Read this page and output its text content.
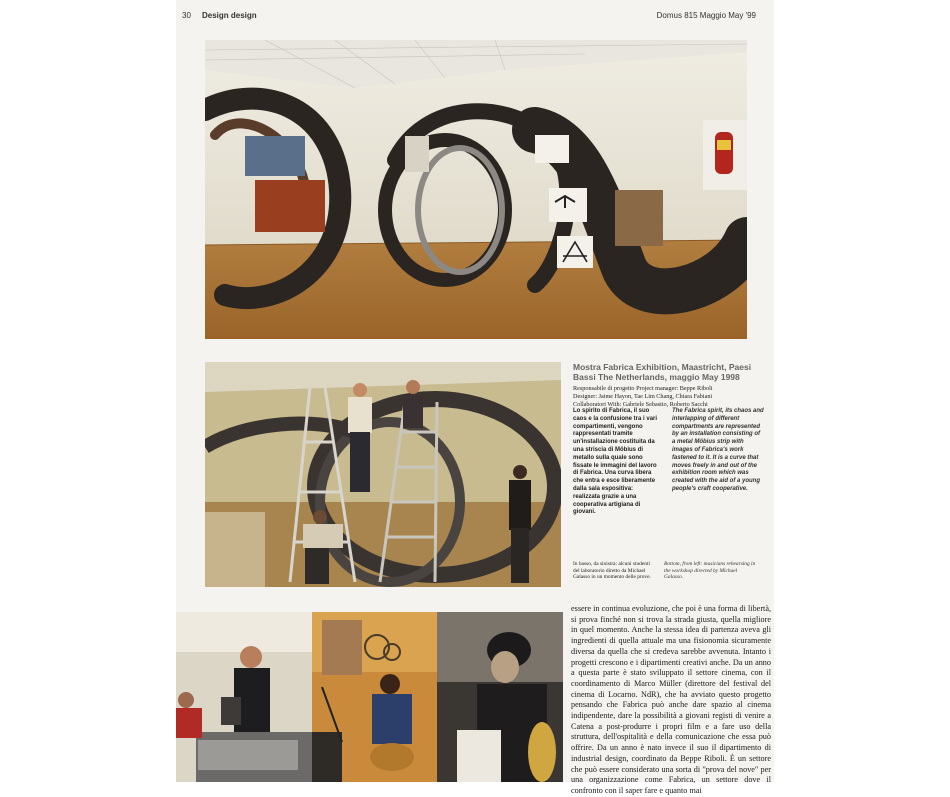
30 Design design	Domus 815 Maggio May '99
Mostra Fabrica Exhibition, Maastricht, Paesi Bassi The Netherlands, maggio May 1998
Responsabile di progetto Project manager: Beppe Riboli
Designer: Jaime Hayon, Tae Lim Chang, Chiara Fabiani
Collaboratori With: Gabriele Sebastio, Roberto Sacchi
Lo spirito di Fabrica, il suo caos e la confusione tra i vari compartimenti, vengono rappresentati tramite un'installazione costituita da una striscia di Möbius di metallo sulla quale sono fissate le immagini del lavoro di Fabrica. Una curva libera che entra e esce liberamente dalla sala espositiva: realizzata grazie a una cooperativa artigiana di giovani.
The Fabrica spirit, its chaos and interlapping of different compartments are represented by an installation consisting of a metal Möbius strip with images of Fabrica's work fastened to it. It is a curve that moves freely in and out of the exhibition room which was created with the aid of a young people's craft cooperative.
In basso, da sinistra: alcuni studenti del laboratorio diretto da Michael Galasso in un momento delle prove.
Bottom, from left: musicians rehearsing in the workshop directed by Michael Galasso.

essere in continua evoluzione, che poi è una forma di libertà, si prova finché non si trova la strada giusta, quella migliore in quel momento. Anche la stessa idea di partenza aveva gli ingredienti di quella attuale ma una fisionomia sicuramente diversa da quella che si credeva sarebbe avvenuta. Intanto i progetti crescono e i dipartimenti creativi anche. Da un anno a questa parte è stato sviluppato il settore cinema, con il coordinamento di Marco Müller (direttore del festival del cinema di Locarno. NdR), che ha avviato questo progetto pensando che Fabrica può anche dare spazio al cinema indipendente, dare la possibilità a giovani registi di venire a Catena a post-produrre i propri film e a fare uso della struttura, dell'ospitalità e della comunicazione che essa può offrire. Da un anno è nato invece il suo il dipartimento di industrial design, coordinato da Beppe Riboli. È un settore che può essere considerato una sorta di "prova del nove" per una organizzazione come Fabrica, un settore dove il confronto con il saper fare e quanto mai
